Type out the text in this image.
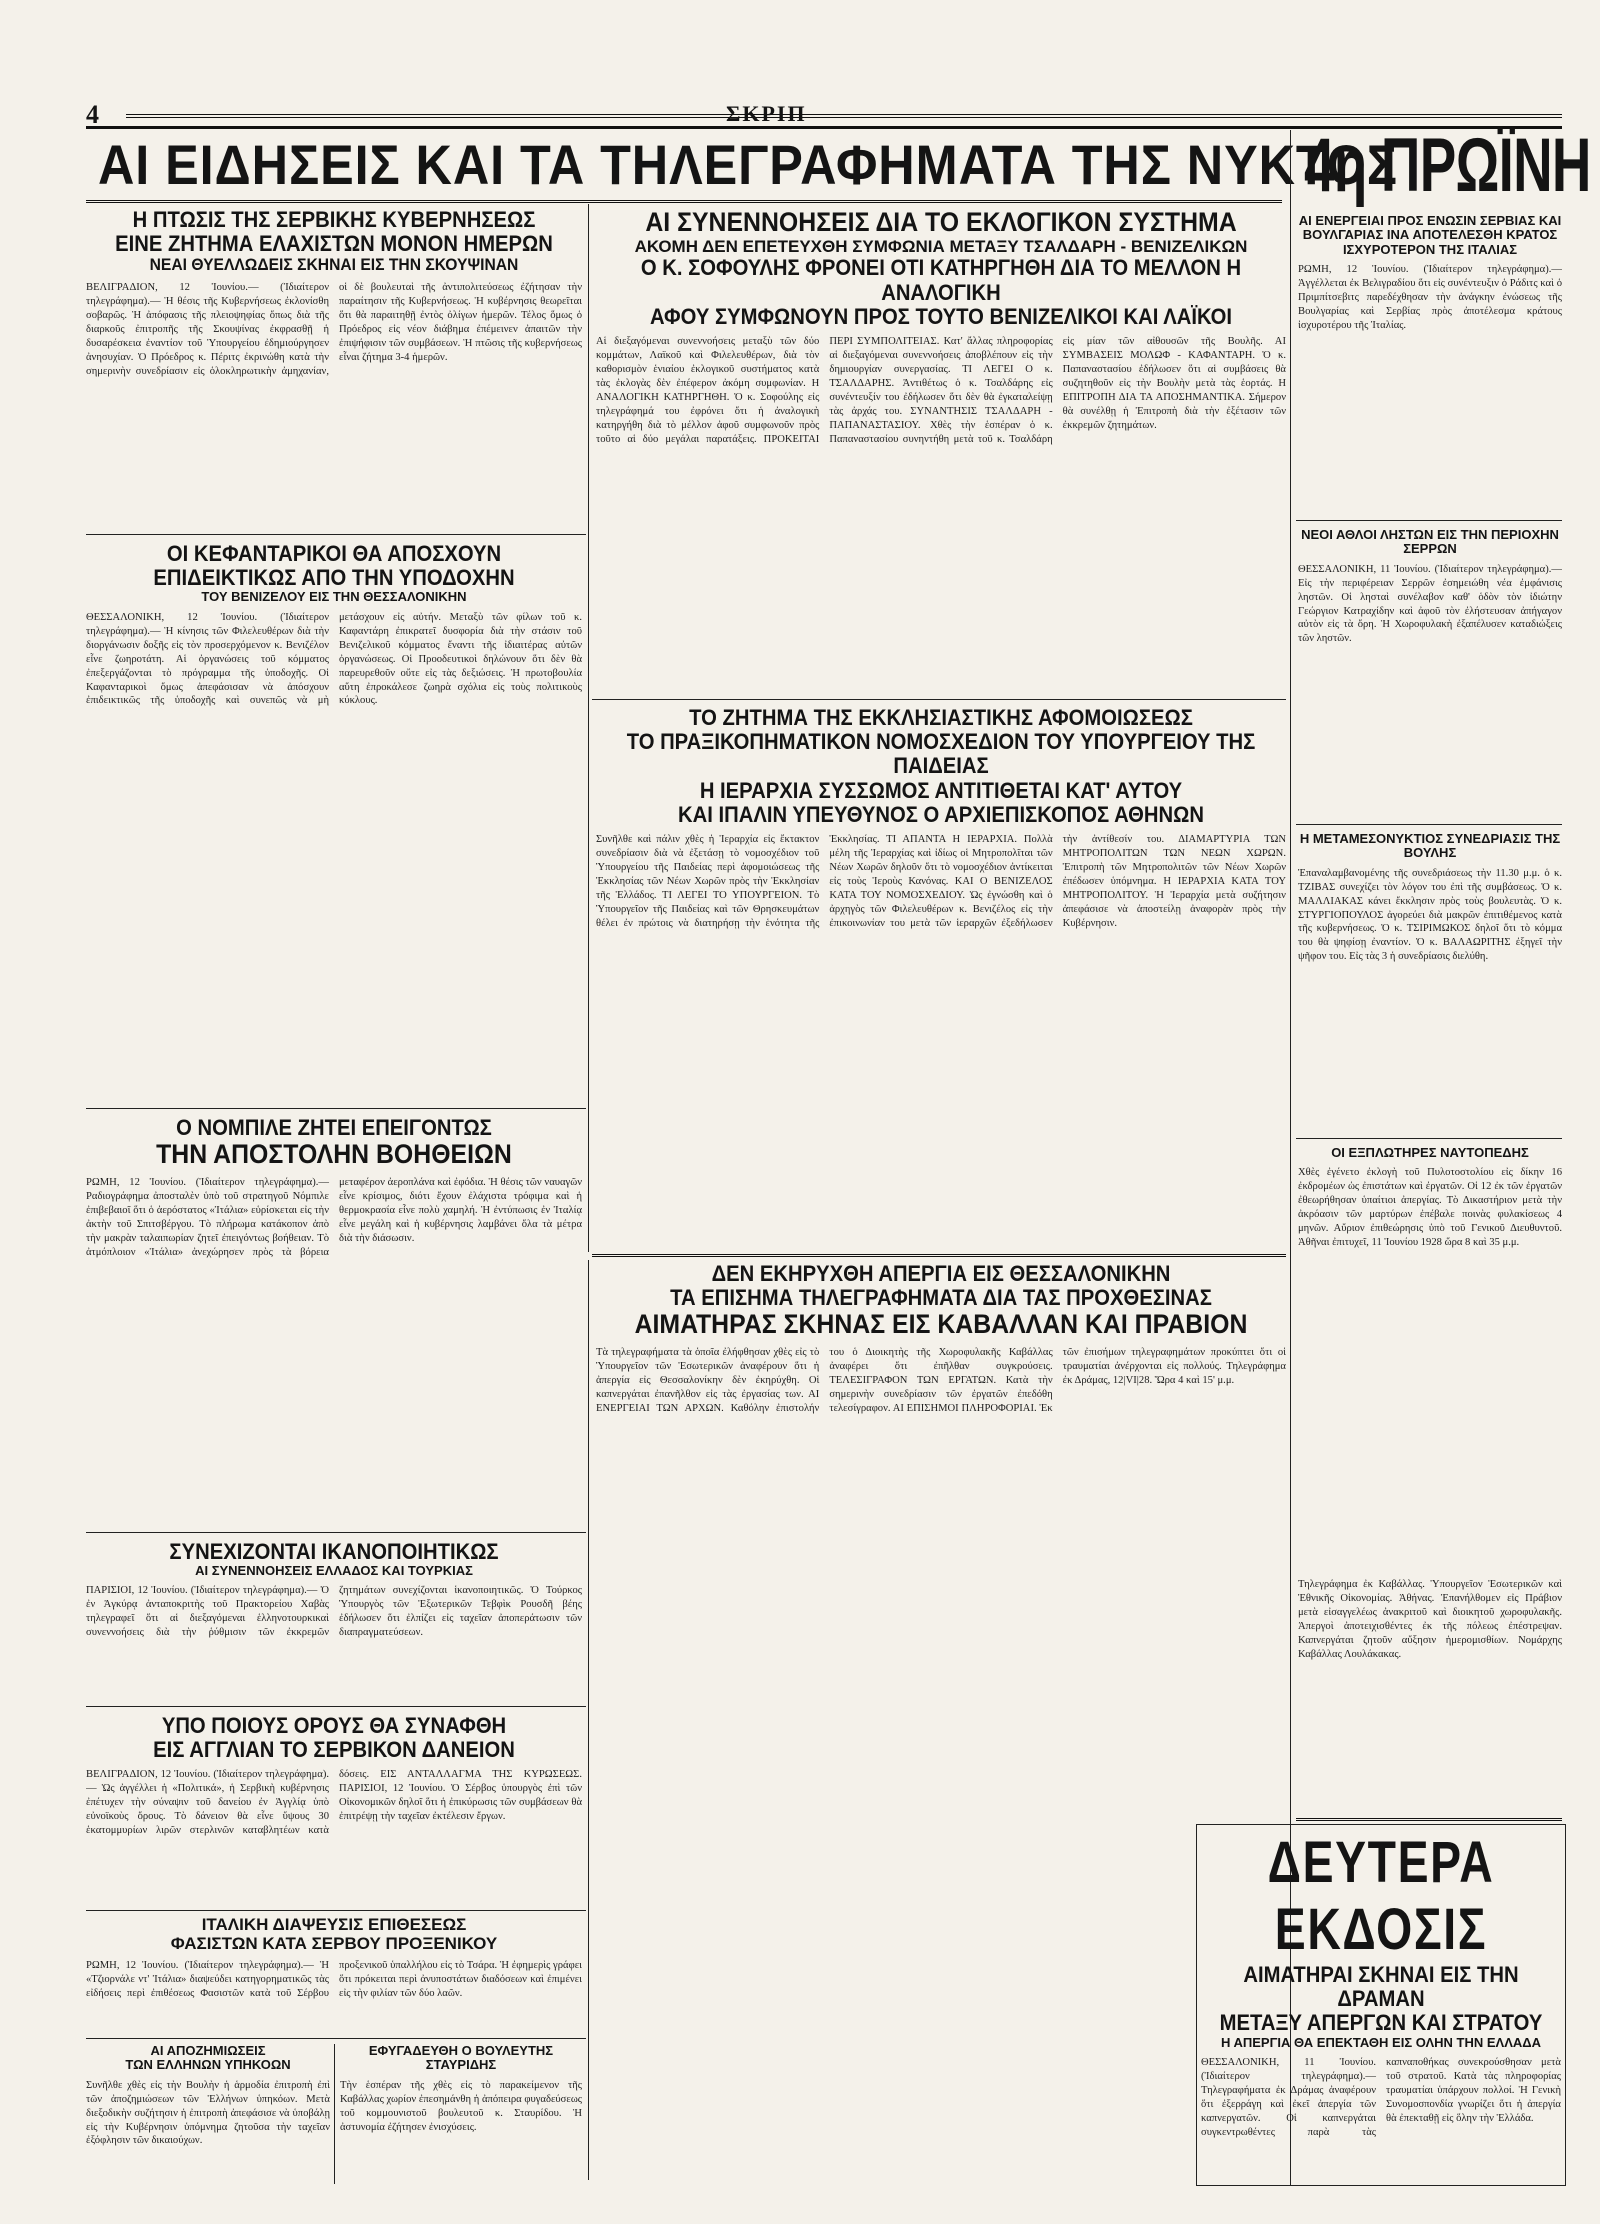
4	ΣΚΡΙΠ
ΑΙ ΕΙΔΗΣΕΙΣ ΚΑΙ ΤΑ ΤΗΛΕΓΡΑΦΗΜΑΤΑ ΤΗΣ ΝΥΚΤΟΣ
4η ΠΡΩΪΝΗ
Η ΠΤΩΣΙΣ ΤΗΣ ΣΕΡΒΙΚΗΣ ΚΥΒΕΡΝΗΣΕΩΣ
ΕΙΝΕ ΖΗΤΗΜΑ ΕΛΑΧΙΣΤΩΝ ΜΟΝΟΝ ΗΜΕΡΩΝ
ΝΕΑΙ ΘΥΕΛΛΩΔΕΙΣ ΣΚΗΝΑΙ ΕΙΣ ΤΗΝ ΣΚΟΥΨΙΝΑΝ
ΒΕΛΙΓΡΑΔΙΟΝ, 12 Ἰουνίου.— (Ἰδιαίτερον τηλεγράφημα).— Ἡ θέσις τῆς Κυβερνήσεως ἐκλονίσθη σοβαρῶς. Ἡ ἀπόφασις τῆς πλειοψηφίας ὅπως διὰ τῆς διαρκοῦς ἐπιτροπῆς τῆς Σκουψίνας ἐκφρασθῇ ἡ δυσαρέσκεια ἐναντίον τοῦ Ὑπουργείου ἐδημιούργησεν ἀνησυχίαν. Ὁ Πρόεδρος κ. Πέριτς ἐκρινώθη κατὰ τὴν σημερινὴν συνεδρίασιν εἰς ὁλοκληρωτικὴν ἀμηχανίαν, οἱ δὲ βουλευταὶ τῆς ἀντιπολιτεύσεως ἐζήτησαν τὴν παραίτησιν τῆς Κυβερνήσεως. Ἡ κυβέρνησις θεωρεῖται ὅτι θὰ παραιτηθῇ ἐντὸς ὀλίγων ἡμερῶν. Τέλος ὅμως ὁ Πρόεδρος εἰς νέον διάβημα ἐπέμεινεν ἀπαιτῶν τὴν ἐπιψήφισιν τῶν συμβάσεων. Ἡ πτῶσις τῆς κυβερνήσεως εἶναι ζήτημα 3-4 ἡμερῶν.
ΟΙ ΚΕΦΑΝΤΑΡΙΚΟΙ ΘΑ ΑΠΟΣΧΟΥΝ
ΕΠΙΔΕΙΚΤΙΚΩΣ ΑΠΟ ΤΗΝ ΥΠΟΔΟΧΗΝ
ΤΟΥ ΒΕΝΙΖΕΛΟΥ ΕΙΣ ΤΗΝ ΘΕΣΣΑΛΟΝΙΚΗΝ
ΘΕΣΣΑΛΟΝΙΚΗ, 12 Ἰουνίου. (Ἰδιαίτερον τηλεγράφημα).— Ἡ κίνησις τῶν Φιλελευθέρων διὰ τὴν διοργάνωσιν δοξῆς εἰς τὸν προσερχόμενον κ. Βενιζέλον εἶνε ζωηροτάτη. Αἱ ὀργανώσεις τοῦ κόμματος ἐπεξεργάζονται τὸ πρόγραμμα τῆς ὑποδοχῆς. Οἱ Καφανταρικοὶ ὅμως ἀπεφάσισαν νὰ ἀπόσχουν ἐπιδεικτικῶς τῆς ὑποδοχῆς καὶ συνεπῶς νὰ μὴ μετάσχουν εἰς αὐτήν. Μεταξὺ τῶν φίλων τοῦ κ. Καφαντάρη ἐπικρατεῖ δυσφορία διὰ τὴν στάσιν τοῦ Βενιζελικοῦ κόμματος ἔναντι τῆς ἰδιαιτέρας αὐτῶν ὀργανώσεως. Οἱ Προοδευτικοὶ δηλώνουν ὅτι δὲν θὰ παρευρεθοῦν οὔτε εἰς τὰς δεξιώσεις. Ἡ πρωτοβουλία αὕτη ἐπροκάλεσε ζωηρὰ σχόλια εἰς τοὺς πολιτικοὺς κύκλους.
Ο ΝΟΜΠΙΛΕ ΖΗΤΕΙ ΕΠΕΙΓΟΝΤΩΣ
ΤΗΝ ΑΠΟΣΤΟΛΗΝ ΒΟΗΘΕΙΩΝ
ΡΩΜΗ, 12 Ἰουνίου. (Ἰδιαίτερον τηλεγράφημα).— Ραδιογράφημα ἀποσταλὲν ὑπὸ τοῦ στρατηγοῦ Νόμπιλε ἐπιβεβαιοῖ ὅτι ὁ ἀερόστατος «Ἰτάλια» εὑρίσκεται εἰς τὴν ἀκτὴν τοῦ Σπιτσβέργου. Τὸ πλήρωμα κατάκοπον ἀπὸ τὴν μακρὰν ταλαιπωρίαν ζητεῖ ἐπειγόντως βοήθειαν. Τὸ ἀτμόπλοιον «Ἰτάλια» ἀνεχώρησεν πρὸς τὰ βόρεια μεταφέρον ἀεροπλάνα καὶ ἐφόδια. Ἡ θέσις τῶν ναυαγῶν εἶνε κρίσιμος, διότι ἔχουν ἐλάχιστα τρόφιμα καὶ ἡ θερμοκρασία εἶνε πολὺ χαμηλή. Ἡ ἐντύπωσις ἐν Ἰταλίᾳ εἶνε μεγάλη καὶ ἡ κυβέρνησις λαμβάνει ὅλα τὰ μέτρα διὰ τὴν διάσωσιν.
ΣΥΝΕΧΙΖΟΝΤΑΙ ΙΚΑΝΟΠΟΙΗΤΙΚΩΣ
ΑΙ ΣΥΝΕΝΝΟΗΣΕΙΣ ΕΛΛΑΔΟΣ ΚΑΙ ΤΟΥΡΚΙΑΣ
ΠΑΡΙΣΙΟΙ, 12 Ἰουνίου. (Ἰδιαίτερον τηλεγράφημα).— Ὁ ἐν Ἀγκύρᾳ ἀνταποκριτὴς τοῦ Πρακτορείου Χαβὰς τηλεγραφεῖ ὅτι αἱ διεξαγόμεναι ἑλληνοτουρκικαὶ συνεννοήσεις διὰ τὴν ῥύθμισιν τῶν ἐκκρεμῶν ζητημάτων συνεχίζονται ἱκανοποιητικῶς. Ὁ Τούρκος Ὑπουργὸς τῶν Ἐξωτερικῶν Τεβφὶκ Ρουσδῆ βέης ἐδήλωσεν ὅτι ἐλπίζει εἰς ταχεῖαν ἀποπεράτωσιν τῶν διαπραγματεύσεων.
ΥΠΟ ΠΟΙΟΥΣ ΟΡΟΥΣ ΘΑ ΣΥΝΑΦΘΗ
ΕΙΣ ΑΓΓΛΙΑΝ ΤΟ ΣΕΡΒΙΚΟΝ ΔΑΝΕΙΟΝ
ΒΕΛΙΓΡΑΔΙΟΝ, 12 Ἰουνίου. (Ἰδιαίτερον τηλεγράφημα).— Ὡς ἀγγέλλει ἡ «Πολιτικά», ἡ Σερβικὴ κυβέρνησις ἐπέτυχεν τὴν σύναψιν τοῦ δανείου ἐν Ἀγγλίᾳ ὑπὸ εὐνοϊκοὺς ὅρους. Τὸ δάνειον θὰ εἶνε ὕψους 30 ἑκατομμυρίων λιρῶν στερλινῶν καταβλητέων κατὰ δόσεις. ΕΙΣ ΑΝΤΑΛΛΑΓΜΑ ΤΗΣ ΚΥΡΩΣΕΩΣ. ΠΑΡΙΣΙΟΙ, 12 Ἰουνίου. Ὁ Σέρβος ὑπουργὸς ἐπὶ τῶν Οἰκονομικῶν δηλοῖ ὅτι ἡ ἐπικύρωσις τῶν συμβάσεων θὰ ἐπιτρέψῃ τὴν ταχεῖαν ἐκτέλεσιν ἔργων.
ΙΤΑΛΙΚΗ ΔΙΑΨΕΥΣΙΣ ΕΠΙΘΕΣΕΩΣ
ΦΑΣΙΣΤΩΝ ΚΑΤΑ ΣΕΡΒΟΥ ΠΡΟΞΕΝΙΚΟΥ
ΡΩΜΗ, 12 Ἰουνίου. (Ἰδιαίτερον τηλεγράφημα).— Ἡ «Τζιορνάλε ντ' Ἰτάλια» διαψεύδει κατηγορηματικῶς τὰς εἰδήσεις περὶ ἐπιθέσεως Φασιστῶν κατὰ τοῦ Σέρβου προξενικοῦ ὑπαλλήλου εἰς τὸ Τσάρα. Ἡ ἐφημερὶς γράφει ὅτι πρόκειται περὶ ἀνυποστάτων διαδόσεων καὶ ἐπιμένει εἰς τὴν φιλίαν τῶν δύο λαῶν.
ΑΙ ΑΠΟΖΗΜΙΩΣΕΙΣ
ΤΩΝ ΕΛΛΗΝΩΝ ΥΠΗΚΟΩΝ
Συνῆλθε χθὲς εἰς τὴν Βουλὴν ἡ ἁρμοδία ἐπιτροπὴ ἐπὶ τῶν ἀποζημιώσεων τῶν Ἑλλήνων ὑπηκόων. Μετὰ διεξοδικὴν συζήτησιν ἡ ἐπιτροπὴ ἀπεφάσισε νὰ ὑποβάλῃ εἰς τὴν Κυβέρνησιν ὑπόμνημα ζητοῦσα τὴν ταχεῖαν ἐξόφλησιν τῶν δικαιούχων.
ΕΦΥΓΑΔΕΥΘΗ Ο ΒΟΥΛΕΥΤΗΣ ΣΤΑΥΡΙΔΗΣ
Τὴν ἑσπέραν τῆς χθὲς εἰς τὸ παρακείμενον τῆς Καβάλλας χωρίον ἐπεσημάνθη ἡ ἀπόπειρα φυγαδεύσεως τοῦ κομμουνιστοῦ βουλευτοῦ κ. Σταυρίδου. Ἡ ἀστυνομία ἐζήτησεν ἐνισχύσεις.
ΑΙ ΣΥΝΕΝΝΟΗΣΕΙΣ ΔΙΑ ΤΟ ΕΚΛΟΓΙΚΟΝ ΣΥΣΤΗΜΑ
ΑΚΟΜΗ ΔΕΝ ΕΠΕΤΕΥΧΘΗ ΣΥΜΦΩΝΙΑ ΜΕΤΑΞΥ ΤΣΑΛΔΑΡΗ - ΒΕΝΙΖΕΛΙΚΩΝ
Ο Κ. ΣΟΦΟΥΛΗΣ ΦΡΟΝΕΙ ΟΤΙ ΚΑΤΗΡΓΗΘΗ ΔΙΑ ΤΟ ΜΕΛΛΟΝ Η ΑΝΑΛΟΓΙΚΗ
ΑΦΟΥ ΣΥΜΦΩΝΟΥΝ ΠΡΟΣ ΤΟΥΤΟ ΒΕΝΙΖΕΛΙΚΟΙ ΚΑΙ ΛΑΪΚΟΙ
Αἱ διεξαγόμεναι συνεννοήσεις μεταξὺ τῶν δύο κομμάτων, Λαϊκοῦ καὶ Φιλελευθέρων, διὰ τὸν καθορισμὸν ἑνιαίου ἐκλογικοῦ συστήματος κατὰ τὰς ἐκλογὰς δὲν ἐπέφερον ἀκόμη συμφωνίαν. Η ΑΝΑΛΟΓΙΚΗ ΚΑΤΗΡΓΗΘΗ. Ὁ κ. Σοφούλης εἰς τηλεγράφημά του ἐφρόνει ὅτι ἡ ἀναλογικὴ κατηργήθη διὰ τὸ μέλλον ἀφοῦ συμφωνοῦν πρὸς τοῦτο αἱ δύο μεγάλαι παρατάξεις. ΠΡΟΚΕΙΤΑΙ ΠΕΡΙ ΣΥΜΠΟΛΙΤΕΙΑΣ. Κατ' ἄλλας πληροφορίας αἱ διεξαγόμεναι συνεννοήσεις ἀποβλέπουν εἰς τὴν δημιουργίαν συνεργασίας. ΤΙ ΛΕΓΕΙ Ο κ. ΤΣΑΛΔΑΡΗΣ. Ἀντιθέτως ὁ κ. Τσαλδάρης εἰς συνέντευξίν του ἐδήλωσεν ὅτι δὲν θὰ ἐγκαταλείψῃ τὰς ἀρχάς του. ΣΥΝΑΝΤΗΣΙΣ ΤΣΑΛΔΑΡΗ - ΠΑΠΑΝΑΣΤΑΣΙΟΥ. Χθὲς τὴν ἑσπέραν ὁ κ. Παπαναστασίου συνηντήθη μετὰ τοῦ κ. Τσαλδάρη εἰς μίαν τῶν αἰθουσῶν τῆς Βουλῆς. ΑΙ ΣΥΜΒΑΣΕΙΣ ΜΟΛΩΦ - ΚΑΦΑΝΤΑΡΗ. Ὁ κ. Παπαναστασίου ἐδήλωσεν ὅτι αἱ συμβάσεις θὰ συζητηθοῦν εἰς τὴν Βουλὴν μετὰ τὰς ἑορτάς. Η ΕΠΙΤΡΟΠΗ ΔΙΑ ΤΑ ΑΠΟΣΗΜΑΝΤΙΚΑ. Σήμερον θὰ συνέλθῃ ἡ Ἐπιτροπὴ διὰ τὴν ἐξέτασιν τῶν ἐκκρεμῶν ζητημάτων.
ΤΟ ΖΗΤΗΜΑ ΤΗΣ ΕΚΚΛΗΣΙΑΣΤΙΚΗΣ ΑΦΟΜΟΙΩΣΕΩΣ
ΤΟ ΠΡΑΞΙΚΟΠΗΜΑΤΙΚΟΝ ΝΟΜΟΣΧΕΔΙΟΝ ΤΟΥ ΥΠΟΥΡΓΕΙΟΥ ΤΗΣ ΠΑΙΔΕΙΑΣ
Η ΙΕΡΑΡΧΙΑ ΣΥΣΣΩΜΟΣ ΑΝΤΙΤΙΘΕΤΑΙ ΚΑΤ' ΑΥΤΟΥ
ΚΑΙ ΙΠΑΛΙΝ ΥΠΕΥΘΥΝΟΣ Ο ΑΡΧΙΕΠΙΣΚΟΠΟΣ ΑΘΗΝΩΝ
Συνῆλθε καὶ πάλιν χθὲς ἡ Ἱεραρχία εἰς ἔκτακτον συνεδρίασιν διὰ νὰ ἐξετάσῃ τὸ νομοσχέδιον τοῦ Ὑπουργείου τῆς Παιδείας περὶ ἀφομοιώσεως τῆς Ἐκκλησίας τῶν Νέων Χωρῶν πρὸς τὴν Ἐκκλησίαν τῆς Ἑλλάδος. ΤΙ ΛΕΓΕΙ ΤΟ ΥΠΟΥΡΓΕΙΟΝ. Τὸ Ὑπουργεῖον τῆς Παιδείας καὶ τῶν Θρησκευμάτων θέλει ἐν πρώτοις νὰ διατηρήσῃ τὴν ἑνότητα τῆς Ἐκκλησίας. ΤΙ ΑΠΑΝΤΑ Η ΙΕΡΑΡΧΙΑ. Πολλὰ μέλη τῆς Ἱεραρχίας καὶ ἰδίως οἱ Μητροπολῖται τῶν Νέων Χωρῶν δηλοῦν ὅτι τὸ νομοσχέδιον ἀντίκειται εἰς τοὺς Ἱεροὺς Κανόνας. ΚΑΙ Ο ΒΕΝΙΖΕΛΟΣ ΚΑΤΑ ΤΟΥ ΝΟΜΟΣΧΕΔΙΟΥ. Ὡς ἐγνώσθη καὶ ὁ ἀρχηγὸς τῶν Φιλελευθέρων κ. Βενιζέλος εἰς τὴν ἐπικοινωνίαν του μετὰ τῶν ἱεραρχῶν ἐξεδήλωσεν τὴν ἀντίθεσίν του. ΔΙΑΜΑΡΤΥΡΙΑ ΤΩΝ ΜΗΤΡΟΠΟΛΙΤΩΝ ΤΩΝ ΝΕΩΝ ΧΩΡΩΝ. Ἐπιτροπὴ τῶν Μητροπολιτῶν τῶν Νέων Χωρῶν ἐπέδωσεν ὑπόμνημα. Η ΙΕΡΑΡΧΙΑ ΚΑΤΑ ΤΟΥ ΜΗΤΡΟΠΟΛΙΤΟΥ. Ἡ Ἱεραρχία μετὰ συζήτησιν ἀπεφάσισε νὰ ἀποστείλῃ ἀναφορὰν πρὸς τὴν Κυβέρνησιν.
ΔΕΝ ΕΚΗΡΥΧΘΗ ΑΠΕΡΓΙΑ ΕΙΣ ΘΕΣΣΑΛΟΝΙΚΗΝ
ΤΑ ΕΠΙΣΗΜΑ ΤΗΛΕΓΡΑΦΗΜΑΤΑ ΔΙΑ ΤΑΣ ΠΡΟΧΘΕΣΙΝΑΣ
ΑΙΜΑΤΗΡΑΣ ΣΚΗΝΑΣ ΕΙΣ ΚΑΒΑΛΛΑΝ ΚΑΙ ΠΡΑΒΙΟΝ
Τὰ τηλεγραφήματα τὰ ὁποῖα ἐλήφθησαν χθὲς εἰς τὸ Ὑπουργεῖον τῶν Ἐσωτερικῶν ἀναφέρουν ὅτι ἡ ἀπεργία εἰς Θεσσαλονίκην δὲν ἐκηρύχθη. Οἱ καπνεργάται ἐπανῆλθον εἰς τὰς ἐργασίας των. ΑΙ ΕΝΕΡΓΕΙΑΙ ΤΩΝ ΑΡΧΩΝ. Καθόλην ἐπιστολήν του ὁ Διοικητὴς τῆς Χωροφυλακῆς Καβάλλας ἀναφέρει ὅτι ἐπῆλθαν συγκρούσεις. ΤΕΛΕΣΙΓΡΑΦΟΝ ΤΩΝ ΕΡΓΑΤΩΝ. Κατὰ τὴν σημερινὴν συνεδρίασιν τῶν ἐργατῶν ἐπεδόθη τελεσίγραφον. ΑΙ ΕΠΙΣΗΜΟΙ ΠΛΗΡΟΦΟΡΙΑΙ. Ἐκ τῶν ἐπισήμων τηλεγραφημάτων προκύπτει ὅτι οἱ τραυματίαι ἀνέρχονται εἰς πολλούς. Τηλεγράφημα ἐκ Δράμας, 12|VI|28. Ὥρα 4 καὶ 15' μ.μ.
ΑΙ ΕΝΕΡΓΕΙΑΙ ΠΡΟΣ ΕΝΩΣΙΝ ΣΕΡΒΙΑΣ ΚΑΙ ΒΟΥΛΓΑΡΙΑΣ ΙΝΑ ΑΠΟΤΕΛΕΣΘΗ ΚΡΑΤΟΣ ΙΣΧΥΡΟΤΕΡΟΝ ΤΗΣ ΙΤΑΛΙΑΣ
ΡΩΜΗ, 12 Ἰουνίου. (Ἰδιαίτερον τηλεγράφημα).— Ἀγγέλλεται ἐκ Βελιγραδίου ὅτι εἰς συνέντευξιν ὁ Ράδιτς καὶ ὁ Πριμπίτσεβιτς παρεδέχθησαν τὴν ἀνάγκην ἐνώσεως τῆς Βουλγαρίας καὶ Σερβίας πρὸς ἀποτέλεσμα κράτους ἰσχυροτέρου τῆς Ἰταλίας.
ΝΕΟΙ ΑΘΛΟΙ ΛΗΣΤΩΝ ΕΙΣ ΤΗΝ ΠΕΡΙΟΧΗΝ ΣΕΡΡΩΝ
ΘΕΣΣΑΛΟΝΙΚΗ, 11 Ἰουνίου. (Ἰδιαίτερον τηλεγράφημα).— Εἰς τὴν περιφέρειαν Σερρῶν ἐσημειώθη νέα ἐμφάνισις ληστῶν. Οἱ λησταὶ συνέλαβον καθ' ὁδὸν τὸν ἰδιώτην Γεώργιον Κατραχίδην καὶ ἀφοῦ τὸν ἐλήστευσαν ἀπήγαγον αὐτὸν εἰς τὰ ὄρη. Ἡ Χωροφυλακὴ ἐξαπέλυσεν καταδιώξεις τῶν ληστῶν.
Η ΜΕΤΑΜΕΣΟΝΥΚΤΙΟΣ ΣΥΝΕΔΡΙΑΣΙΣ ΤΗΣ ΒΟΥΛΗΣ
Ἐπαναλαμβανομένης τῆς συνεδριάσεως τὴν 11.30 μ.μ. ὁ κ. ΤΖΙΒΑΣ συνεχίζει τὸν λόγον του ἐπὶ τῆς συμβάσεως. Ὁ κ. ΜΑΛΛΙΑΚΑΣ κάνει ἔκκλησιν πρὸς τοὺς βουλευτὰς. Ὁ κ. ΣΤΥΡΓΙΟΠΟΥΛΟΣ ἀγορεύει διὰ μακρῶν ἐπιτιθέμενος κατὰ τῆς κυβερνήσεως. Ὁ κ. ΤΣΙΡΙΜΩΚΟΣ δηλοῖ ὅτι τὸ κόμμα του θὰ ψηφίσῃ ἐναντίον. Ὁ κ. ΒΑΛΑΩΡΙΤΗΣ ἐξηγεῖ τὴν ψῆφον του. Εἰς τὰς 3 ἡ συνεδρίασις διελύθη.
ΟΙ ΕΞΠΛΩΤΗΡΕΣ ΝΑΥΤΟΠΕΔΗΣ
Χθὲς ἐγένετο ἐκλογὴ τοῦ Πυλοτοστολίου εἰς δίκην 16 ἐκδρομέων ὡς ἐπιστάτων καὶ ἐργατῶν. Οἱ 12 ἐκ τῶν ἐργατῶν ἐθεωρήθησαν ὑπαίτιοι ἀπεργίας. Τὸ Δικαστήριον μετὰ τὴν ἀκρόασιν τῶν μαρτύρων ἐπέβαλε ποινὰς φυλακίσεως 4 μηνῶν. Αὔριον ἐπιθεώρησις ὑπὸ τοῦ Γενικοῦ Διευθυντοῦ. Ἀθῆναι ἐπιτυχεῖ, 11 Ἰουνίου 1928 ὥρα 8 καὶ 35 μ.μ.
Τηλεγράφημα ἐκ Καβάλλας. Ὑπουργεῖον Ἐσωτερικῶν καὶ Ἐθνικῆς Οἰκονομίας. Ἀθήνας. Ἐπανήλθομεν εἰς Πράβιον μετὰ εἰσαγγελέως ἀνακριτοῦ καὶ διοικητοῦ χωροφυλακῆς. Ἀπεργοὶ ἀποτειχισθέντες ἐκ τῆς πόλεως ἐπέστρεψαν. Καπνεργάται ζητοῦν αὔξησιν ἡμερομισθίων. Νομάρχης Καβάλλας Λουλάκακας.
ΔΕΥΤΕΡΑ ΕΚΔΟΣΙΣ
ΑΙΜΑΤΗΡΑΙ ΣΚΗΝΑΙ ΕΙΣ ΤΗΝ ΔΡΑΜΑΝ
ΜΕΤΑΞΥ ΑΠΕΡΓΩΝ ΚΑΙ ΣΤΡΑΤΟΥ
Η ΑΠΕΡΓΙΑ ΘΑ ΕΠΕΚΤΑΘΗ ΕΙΣ ΟΛΗΝ ΤΗΝ ΕΛΛΑΔΑ
ΘΕΣΣΑΛΟΝΙΚΗ, 11 Ἰουνίου. (Ἰδιαίτερον τηλεγράφημα).— Τηλεγραφήματα ἐκ Δράμας ἀναφέρουν ὅτι ἐξερράγη καὶ ἐκεῖ ἀπεργία τῶν καπνεργατῶν. Οἱ καπνεργάται συγκεντρωθέντες παρὰ τὰς καπναποθήκας συνεκρούσθησαν μετὰ τοῦ στρατοῦ. Κατὰ τὰς πληροφορίας τραυματίαι ὑπάρχουν πολλοί. Ἡ Γενικὴ Συνομοσπονδία γνωρίζει ὅτι ἡ ἀπεργία θὰ ἐπεκταθῇ εἰς ὅλην τὴν Ἑλλάδα.
